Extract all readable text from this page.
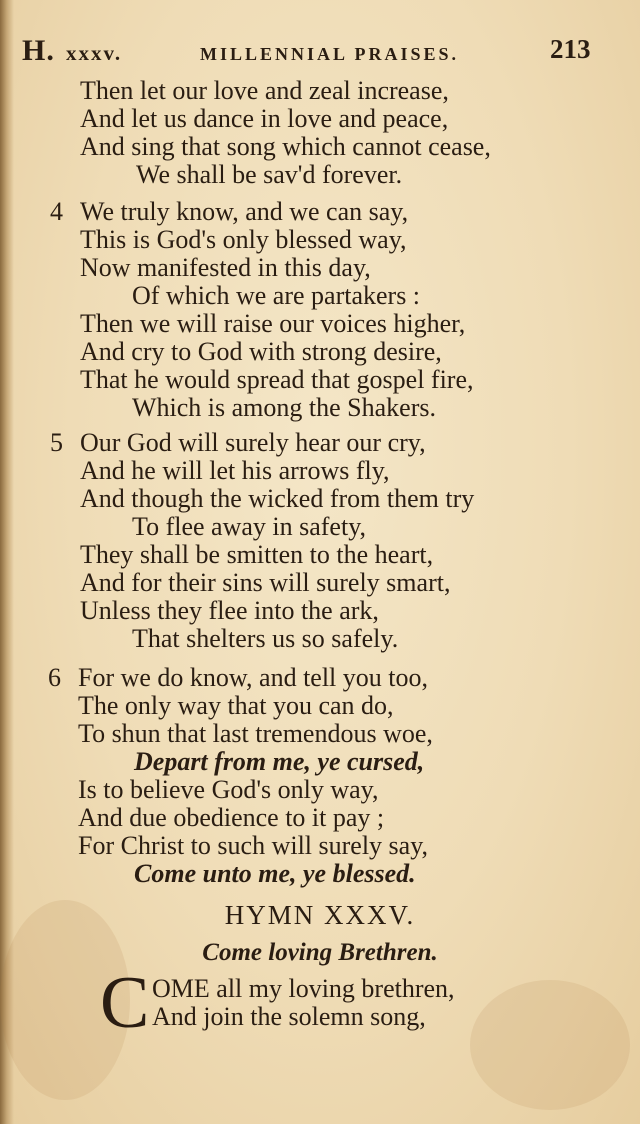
H. xxxv.	MILLENNIAL PRAISES.	213
Then let our love and zeal increase,
And let us dance in love and peace,
And sing that song which cannot cease,
We shall be sav'd forever.
4 We truly know, and we can say,
This is God's only blessed way,
Now manifested in this day,
Of which we are partakers :
Then we will raise our voices higher,
And cry to God with strong desire,
That he would spread that gospel fire,
Which is among the Shakers.
5 Our God will surely hear our cry,
And he will let his arrows fly,
And though the wicked from them try
To flee away in safety,
They shall be smitten to the heart,
And for their sins will surely smart,
Unless they flee into the ark,
That shelters us so safely.
6 For we do know, and tell you too,
The only way that you can do,
To shun that last tremendous woe,
Depart from me, ye cursed,
Is to believe God's only way,
And due obedience to it pay ;
For Christ to such will surely say,
Come unto me, ye blessed.
HYMN XXXV.
Come loving Brethren.
C OME all my loving brethren,
And join the solemn song,
